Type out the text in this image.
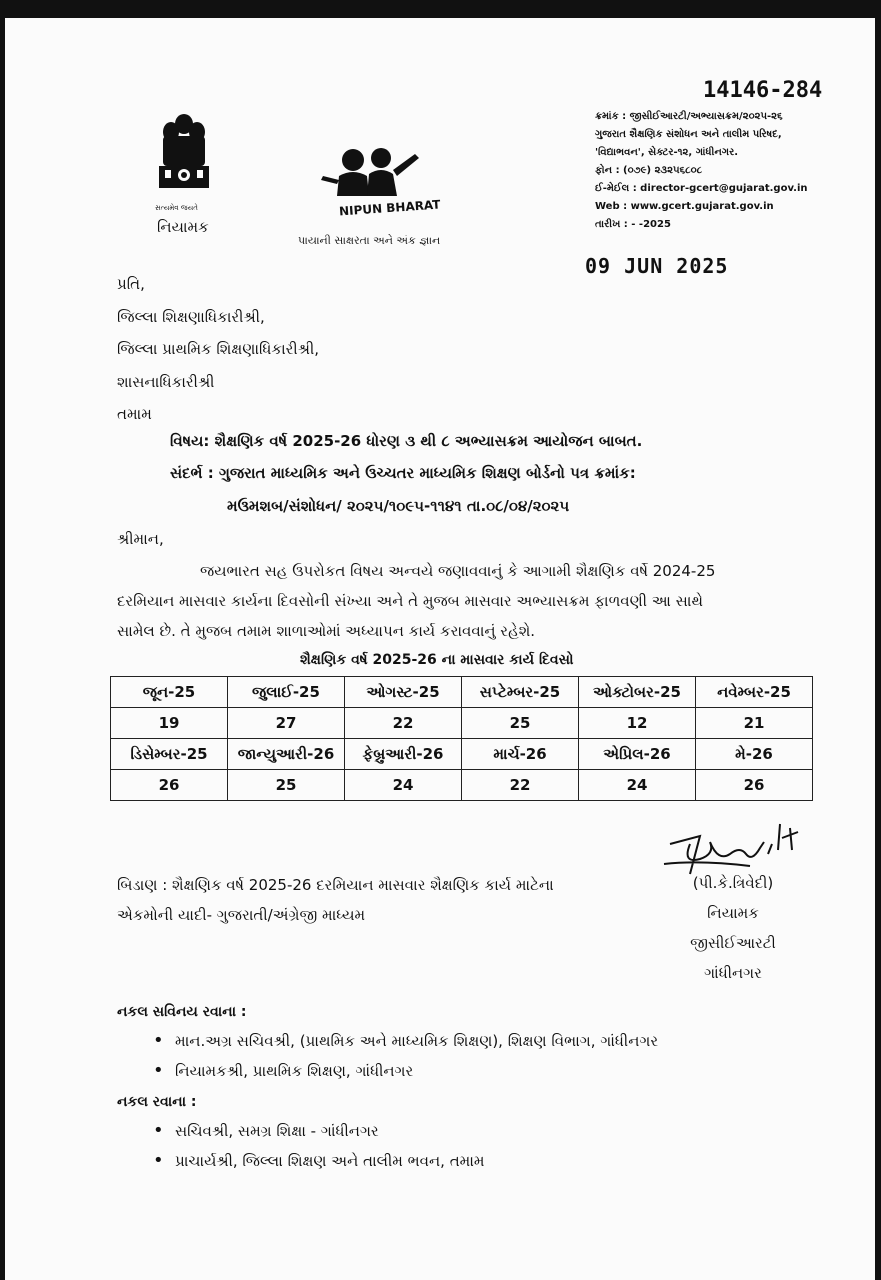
14146-284
સત્યમેવ જયતે
નિયામક
NIPUN BHARAT
પાયાની સાક્ષરતા અને અંક જ્ઞાન
ક્રમાંક : જીસીઈઆરટી/અભ્યાસક્રમ/૨૦૨૫-૨૬
ગુજરાત શૈક્ષણિક સંશોધન અને તાલીમ પરિષદ,
'વિદ્યાભવન', સેક્ટર-૧૨, ગાંધીનગર.
ફોન : (૦૭૯) ૨૩૨૫૬૮૦૮
ઈ-મેઈલ : director-gcert@gujarat.gov.in
Web : www.gcert.gujarat.gov.in
તારીખ : - -2025
09 JUN 2025
પ્રતિ,
જિલ્લા શિક્ષણાધિકારીશ્રી,
જિલ્લા પ્રાથમિક શિક્ષણાધિકારીશ્રી,
શાસનાધિકારીશ્રી
તમામ
વિષય: શૈક્ષણિક વર્ષ 2025-26 ધોરણ ૩ થી ૮ અભ્યાસક્રમ આયોજન બાબત.
સંદર્ભ : ગુજરાત માધ્યમિક અને ઉચ્ચતર માધ્યમિક શિક્ષણ બોર્ડનો પત્ર ક્રમાંક:
મઉમશબ/સંશોધન/ ૨૦૨૫/૧૦૯૫-૧૧૪૧ તા.૦૮/૦૪/૨૦૨૫
શ્રીમાન,
જયભારત સહ ઉપરોકત વિષય અન્વયે જણાવવાનું કે આગામી શૈક્ષણિક વર્ષે 2024-25
દરમિયાન માસવાર કાર્યના દિવસોની સંખ્યા અને તે મુજબ માસવાર અભ્યાસક્રમ ફાળવણી આ સાથે
સામેલ છે. તે મુજબ તમામ શાળાઓમાં અધ્યાપન કાર્ય કરાવવાનું રહેશે.
શૈક્ષણિક વર્ષ 2025-26 ના માસવાર કાર્ય દિવસો
જૂન-25	જુલાઈ-25	ઓગસ્ટ-25	સપ્ટેમ્બર-25	ઓક્ટોબર-25	નવેમ્બર-25
19	27	22	25	12	21
ડિસેમ્બર-25	જાન્યુઆરી-26	ફેબ્રુઆરી-26	માર્ચ-26	એપ્રિલ-26	મે-26
26	25	24	22	24	26
બિડાણ : શૈક્ષણિક વર્ષ 2025-26 દરમિયાન માસવાર શૈક્ષણિક કાર્ય માટેના
એકમોની યાદી- ગુજરાતી/અંગ્રેજી માધ્યમ
(પી.કે.ત્રિવેદી)
નિયામક
જીસીઈઆરટી
ગાંધીનગર
નકલ સવિનય રવાના :
• માન.અગ્ર સચિવશ્રી, (પ્રાથમિક અને માધ્યમિક શિક્ષણ), શિક્ષણ વિભાગ, ગાંધીનગર
• નિયામકશ્રી, પ્રાથમિક શિક્ષણ, ગાંધીનગર
નકલ રવાના :
• સચિવશ્રી, સમગ્ર શિક્ષા - ગાંધીનગર
• પ્રાચાર્યશ્રી, જિલ્લા શિક્ષણ અને તાલીમ ભવન, તમામ
